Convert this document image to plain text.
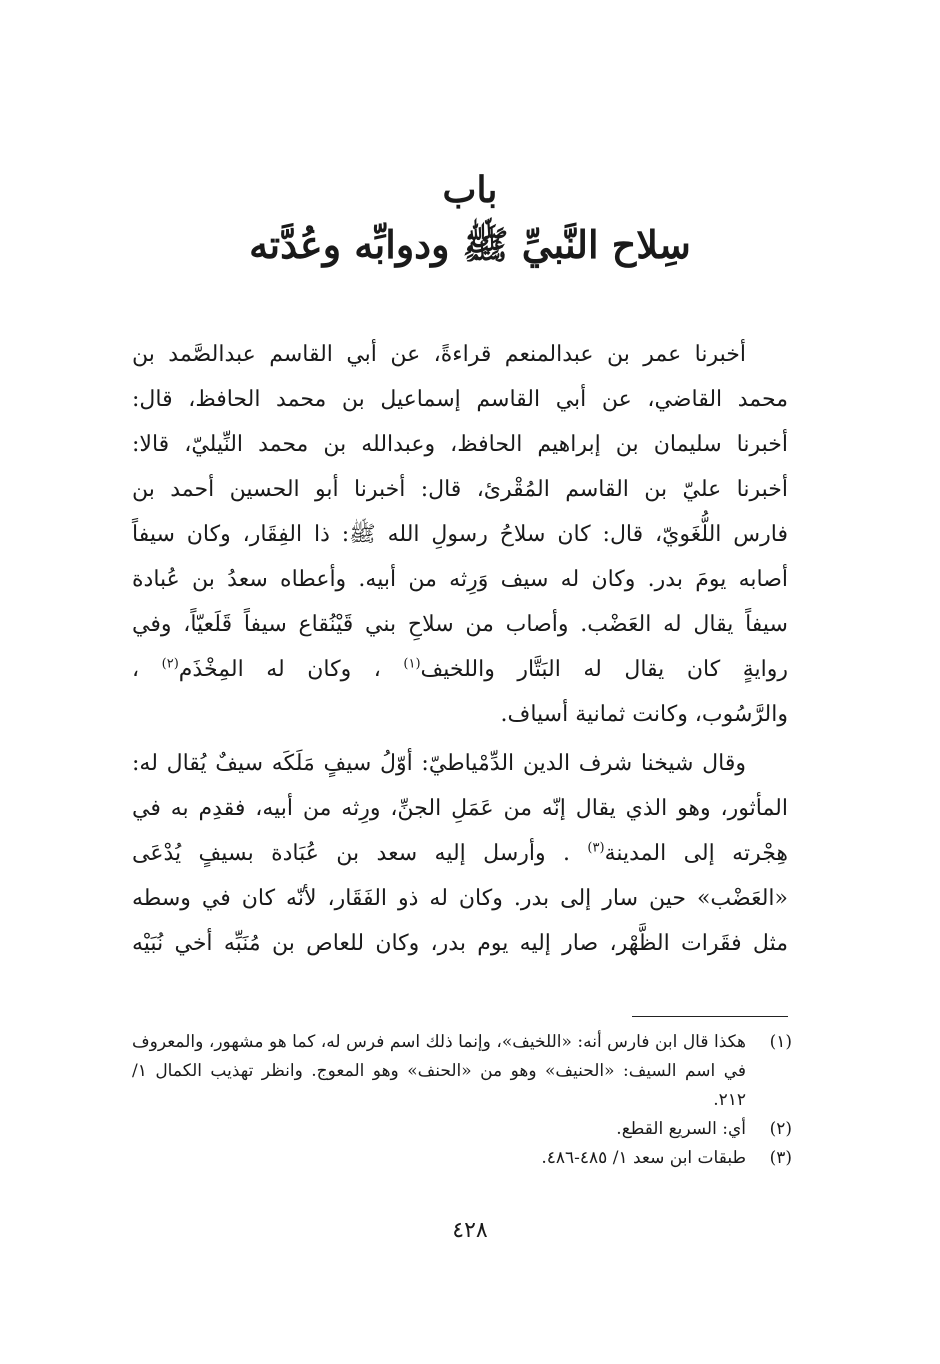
باب

سِلاح النَّبيِّ ﷺ ودوابِّه وعُدَّته

أخبرنا عمر بن عبدالمنعم قراءةً، عن أبي القاسم عبدالصَّمد بن
محمد القاضي، عن أبي القاسم إسماعيل بن محمد الحافظ، قال:
أخبرنا سليمان بن إبراهيم الحافظ، وعبدالله بن محمد النِّيليّ، قالا:
أخبرنا عليّ بن القاسم المُقْرئ، قال: أخبرنا أبو الحسين أحمد بن
فارس اللُّغَويّ، قال: كان سلاحُ رسولِ الله ﷺ: ذا الفِقَار، وكان سيفاً
أصابه يومَ بدر. وكان له سيف وَرِثه من أبيه. وأعطاه سعدُ بن عُبادة
سيفاً يقال له العَضْب. وأصاب من سلاحِ بني قَيْنُقاع سيفاً قَلَعيّاً، وفي
روايةٍ كان يقال له البَتَّار واللخيف$^{(١)}$ ، وكان له المِخْذَم$^{(٢)}$ ،
والرَّسُوب، وكانت ثمانية أسياف.
وقال شيخنا شرف الدين الدِّمْياطيّ: أوّلُ سيفٍ مَلَكَه سيفٌ يُقال له:
المأثور، وهو الذي يقال إنّه من عَمَلِ الجنِّ، ورِثه من أبيه، فقدِم به في
هِجْرته إلى المدينة$^{(٣)}$ . وأرسل إليه سعد بن عُبَادة بسيفٍ يُدْعَى
«العَضْب» حين سار إلى بدر. وكان له ذو الفَقَار، لأنّه كان في وسطه
مثل فقَرات الظَّهْر، صار إليه يوم بدر، وكان للعاص بن مُنَبِّه أخي نُبَيْه
(١)
هكذا قال ابن فارس أنه: «اللخيف»، وإنما ذلك اسم فرس له، كما هو مشهور، والمعروف في اسم السيف: «الحنيف» وهو من «الحنف» وهو المعوج. وانظر تهذيب الكمال ١/ ٢١٢.
(٢)
أي: السريع القطع.
(٣)
طبقات ابن سعد ١/ ٤٨٥-٤٨٦.
٤٢٨
